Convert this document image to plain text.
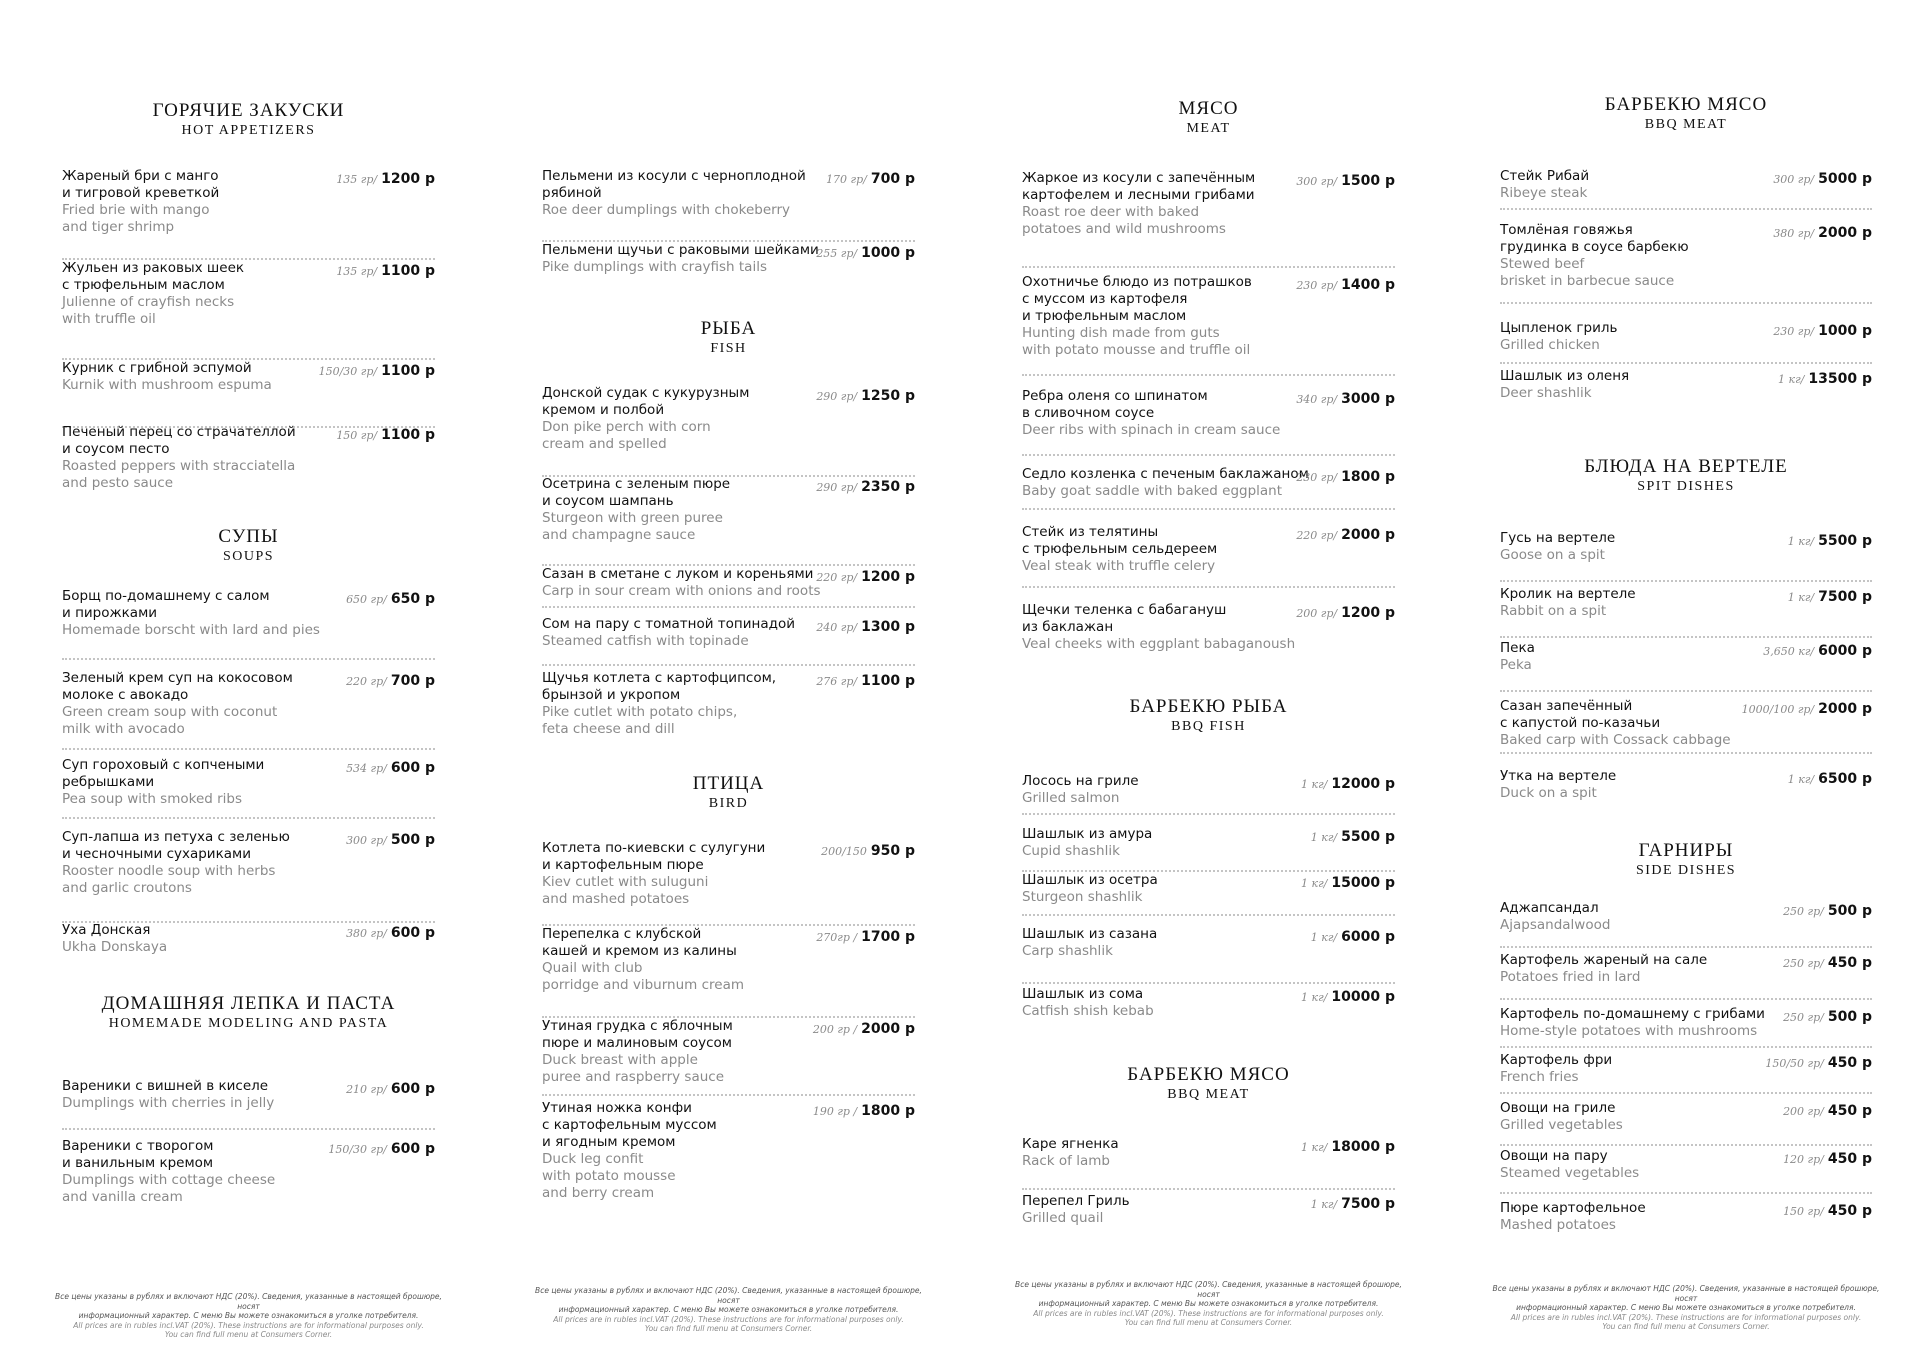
ГОРЯЧИЕ ЗАКУСКИ
HOT APPETIZERS
Жареный бри с манго
и тигровой креветкой
Fried brie with mango
and tiger shrimp
135 гр/ 1200 р
Жульен из раковых шеек
с трюфельным маслом
Julienne of crayfish necks
with truffle oil
135 гр/ 1100 р
Курник с грибной эспумой
Kurnik with mushroom espuma
150/30 гр/ 1100 р
Печеный перец со страчателлой
и соусом песто
Roasted peppers with stracciatella
and pesto sauce
150 гр/ 1100 р
СУПЫ
SOUPS
Борщ по-домашнему с салом
и пирожками
Homemade borscht with lard and pies
650 гр/ 650 р
Зеленый крем суп на кокосовом
молоке с авокадо
Green cream soup with coconut
milk with avocado
220 гр/ 700 р
Суп гороховый с копчеными
ребрышками
Pea soup with smoked ribs
534 гр/ 600 р
Суп-лапша из петуха с зеленью
и чесночными сухариками
Rooster noodle soup with herbs
and garlic croutons
300 гр/ 500 р
Уха Донская
Ukha Donskaya
380 гр/ 600 р
ДОМАШНЯЯ ЛЕПКА И ПАСТА
HOMEMADE MODELING AND PASTA
Вареники с вишней в киселе
Dumplings with cherries in jelly
210 гр/ 600 р
Вареники с творогом
и ванильным кремом
Dumplings with cottage cheese
and vanilla cream
150/30 гр/ 600 р
Все цены указаны в рублях и включают НДС (20%). Сведения, указанные в настоящей брошюре, носят
информационный характер. С меню Вы можете ознакомиться в уголке потребителя.
All prices are in rubles incl.VAT (20%). These instructions are for informational purposes only.
You can find full menu at Consumers Corner.
Пельмени из косули с черноплодной
рябиной
Roe deer dumplings with chokeberry
170 гр/ 700 р
Пельмени щучьи с раковыми шейками
Pike dumplings with crayfish tails
255 гр/ 1000 р
РЫБА
FISH
Донской судак с кукурузным
кремом и полбой
Don pike perch with corn
cream and spelled
290 гр/ 1250 р
Осетрина с зеленым пюре
и соусом шампань
Sturgeon with green puree
and champagne sauce
290 гр/ 2350 р
Сазан в сметане с луком и кореньями
Carp in sour cream with onions and roots
220 гр/ 1200 р
Сом на пару с томатной топинадой
Steamed catfish with topinade
240 гр/ 1300 р
Щучья котлета с картофципсом,
брынзой и укропом
Pike cutlet with potato chips,
feta cheese and dill
276 гр/ 1100 р
ПТИЦА
BIRD
Котлета по-киевски с сулугуни
и картофельным пюре
Kiev cutlet with suluguni
and mashed potatoes
200/150 950 р
Перепелка с клубской
кашей и кремом из калины
Quail with club
porridge and viburnum cream
270гр / 1700 р
Утиная грудка с яблочным
пюре и малиновым соусом
Duck breast with apple
puree and raspberry sauce
200 гр / 2000 р
Утиная ножка конфи
с картофельным муссом
и ягодным кремом
Duck leg confit
with potato mousse
and berry cream
190 гр / 1800 р
Все цены указаны в рублях и включают НДС (20%). Сведения, указанные в настоящей брошюре, носят
информационный характер. С меню Вы можете ознакомиться в уголке потребителя.
All prices are in rubles incl.VAT (20%). These instructions are for informational purposes only.
You can find full menu at Consumers Corner.
МЯСО
MEAT
Жаркое из косули с запечённым
картофелем и лесными грибами
Roast roe deer with baked
potatoes and wild mushrooms
300 гр/ 1500 р
Охотничье блюдо из потрашков
с муссом из картофеля
и трюфельным маслом
Hunting dish made from guts
with potato mousse and truffle oil
230 гр/ 1400 р
Ребра оленя со шпинатом
в сливочном соусе
Deer ribs with spinach in cream sauce
340 гр/ 3000 р
Седло козленка с печеным баклажаном
Baby goat saddle with baked eggplant
230 гр/ 1800 р
Стейк из телятины
с трюфельным сельдереем
Veal steak with truffle celery
220 гр/ 2000 р
Щечки теленка с бабагануш
из баклажан
Veal cheeks with eggplant babaganoush
200 гр/ 1200 р
БАРБЕКЮ РЫБА
BBQ FISH
Лосось на гриле
Grilled salmon
1 кг/ 12000 р
Шашлык из амура
Cupid shashlik
1 кг/ 5500 р
Шашлык из осетра
Sturgeon shashlik
1 кг/ 15000 р
Шашлык из сазана
Carp shashlik
1 кг/ 6000 р
Шашлык из сома
Catfish shish kebab
1 кг/ 10000 р
БАРБЕКЮ МЯСО
BBQ MEAT
Каре ягненка
Rack of lamb
1 кг/ 18000 р
Перепел Гриль
Grilled quail
1 кг/ 7500 р
Все цены указаны в рублях и включают НДС (20%). Сведения, указанные в настоящей брошюре, носят
информационный характер. С меню Вы можете ознакомиться в уголке потребителя.
All prices are in rubles incl.VAT (20%). These instructions are for informational purposes only.
You can find full menu at Consumers Corner.
БАРБЕКЮ МЯСО
BBQ MEAT
Стейк Рибай
Ribeye steak
300 гр/ 5000 р
Томлёная говяжья
грудинка в соусе барбекю
Stewed beef
brisket in barbecue sauce
380 гр/ 2000 р
Цыпленок гриль
Grilled chicken
230 гр/ 1000 р
Шашлык из оленя
Deer shashlik
1 кг/ 13500 р
БЛЮДА НА ВЕРТЕЛЕ
SPIT DISHES
Гусь на вертеле
Goose on a spit
1 кг/ 5500 р
Кролик на вертеле
Rabbit on a spit
1 кг/ 7500 р
Пека
Peka
3,650 кг/ 6000 р
Сазан запечённый
с капустой по-казачьи
Baked carp with Cossack cabbage
1000/100 гр/ 2000 р
Утка на вертеле
Duck on a spit
1 кг/ 6500 р
ГАРНИРЫ
SIDE DISHES
Аджапсандал
Ajapsandalwood
250 гр/ 500 р
Картофель жареный на сале
Potatoes fried in lard
250 гр/ 450 р
Картофель по-домашнему с грибами
Home-style potatoes with mushrooms
250 гр/ 500 р
Картофель фри
French fries
150/50 гр/ 450 р
Овощи на гриле
Grilled vegetables
200 гр/ 450 р
Овощи на пару
Steamed vegetables
120 гр/ 450 р
Пюре картофельное
Mashed potatoes
150 гр/ 450 р
Все цены указаны в рублях и включают НДС (20%). Сведения, указанные в настоящей брошюре, носят
информационный характер. С меню Вы можете ознакомиться в уголке потребителя.
All prices are in rubles incl.VAT (20%). These instructions are for informational purposes only.
You can find full menu at Consumers Corner.
